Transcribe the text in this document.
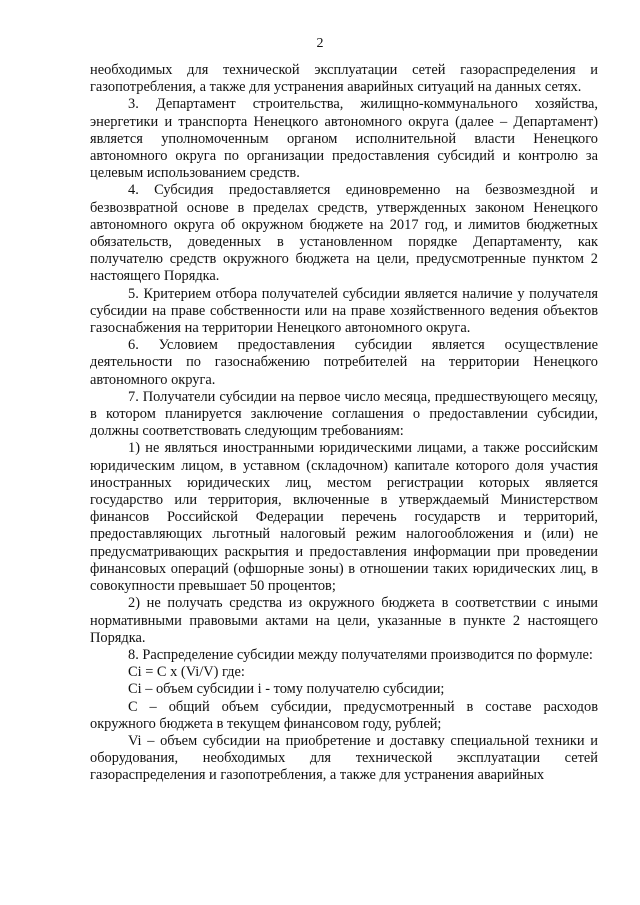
2

необходимых для технической эксплуатации сетей газораспределения и газопотребления, а также для устранения аварийных ситуаций на данных сетях.

3. Департамент строительства, жилищно-коммунального хозяйства, энергетики и транспорта Ненецкого автономного округа (далее – Департамент) является уполномоченным органом исполнительной власти Ненецкого автономного округа по организации предоставления субсидий и контролю за целевым использованием средств.

4. Субсидия предоставляется единовременно на безвозмездной и безвозвратной основе в пределах средств, утвержденных законом Ненецкого автономного округа об окружном бюджете на 2017 год, и лимитов бюджетных обязательств, доведенных в установленном порядке Департаменту, как получателю средств окружного бюджета на цели, предусмотренные пунктом 2 настоящего Порядка.

5. Критерием отбора получателей субсидии является наличие у получателя субсидии на праве собственности или на праве хозяйственного ведения объектов газоснабжения на территории Ненецкого автономного округа.

6. Условием предоставления субсидии является осуществление деятельности по газоснабжению потребителей на территории Ненецкого автономного округа.

7. Получатели субсидии на первое число месяца, предшествующего месяцу, в котором планируется заключение соглашения о предоставлении субсидии, должны соответствовать следующим требованиям:

1) не являться иностранными юридическими лицами, а также российским юридическим лицом, в уставном (складочном) капитале которого доля участия иностранных юридических лиц, местом регистрации которых является государство или территория, включенные в утверждаемый Министерством финансов Российской Федерации перечень государств и территорий, предоставляющих льготный налоговый режим налогообложения и (или) не предусматривающих раскрытия и предоставления информации при проведении финансовых операций (офшорные зоны) в отношении таких юридических лиц, в совокупности превышает 50 процентов;

2) не получать средства из окружного бюджета в соответствии с иными нормативными правовыми актами на цели, указанные в пункте 2 настоящего Порядка.

8. Распределение субсидии между получателями производится по формуле:

Ci = C x (Vi/V) где:

Ci – объем субсидии i - тому получателю субсидии;

C – общий объем субсидии, предусмотренный в составе расходов окружного бюджета в текущем финансовом году, рублей;

Vi – объем субсидии на приобретение и доставку специальной техники и оборудования, необходимых для технической эксплуатации сетей газораспределения и газопотребления, а также для устранения аварийных
